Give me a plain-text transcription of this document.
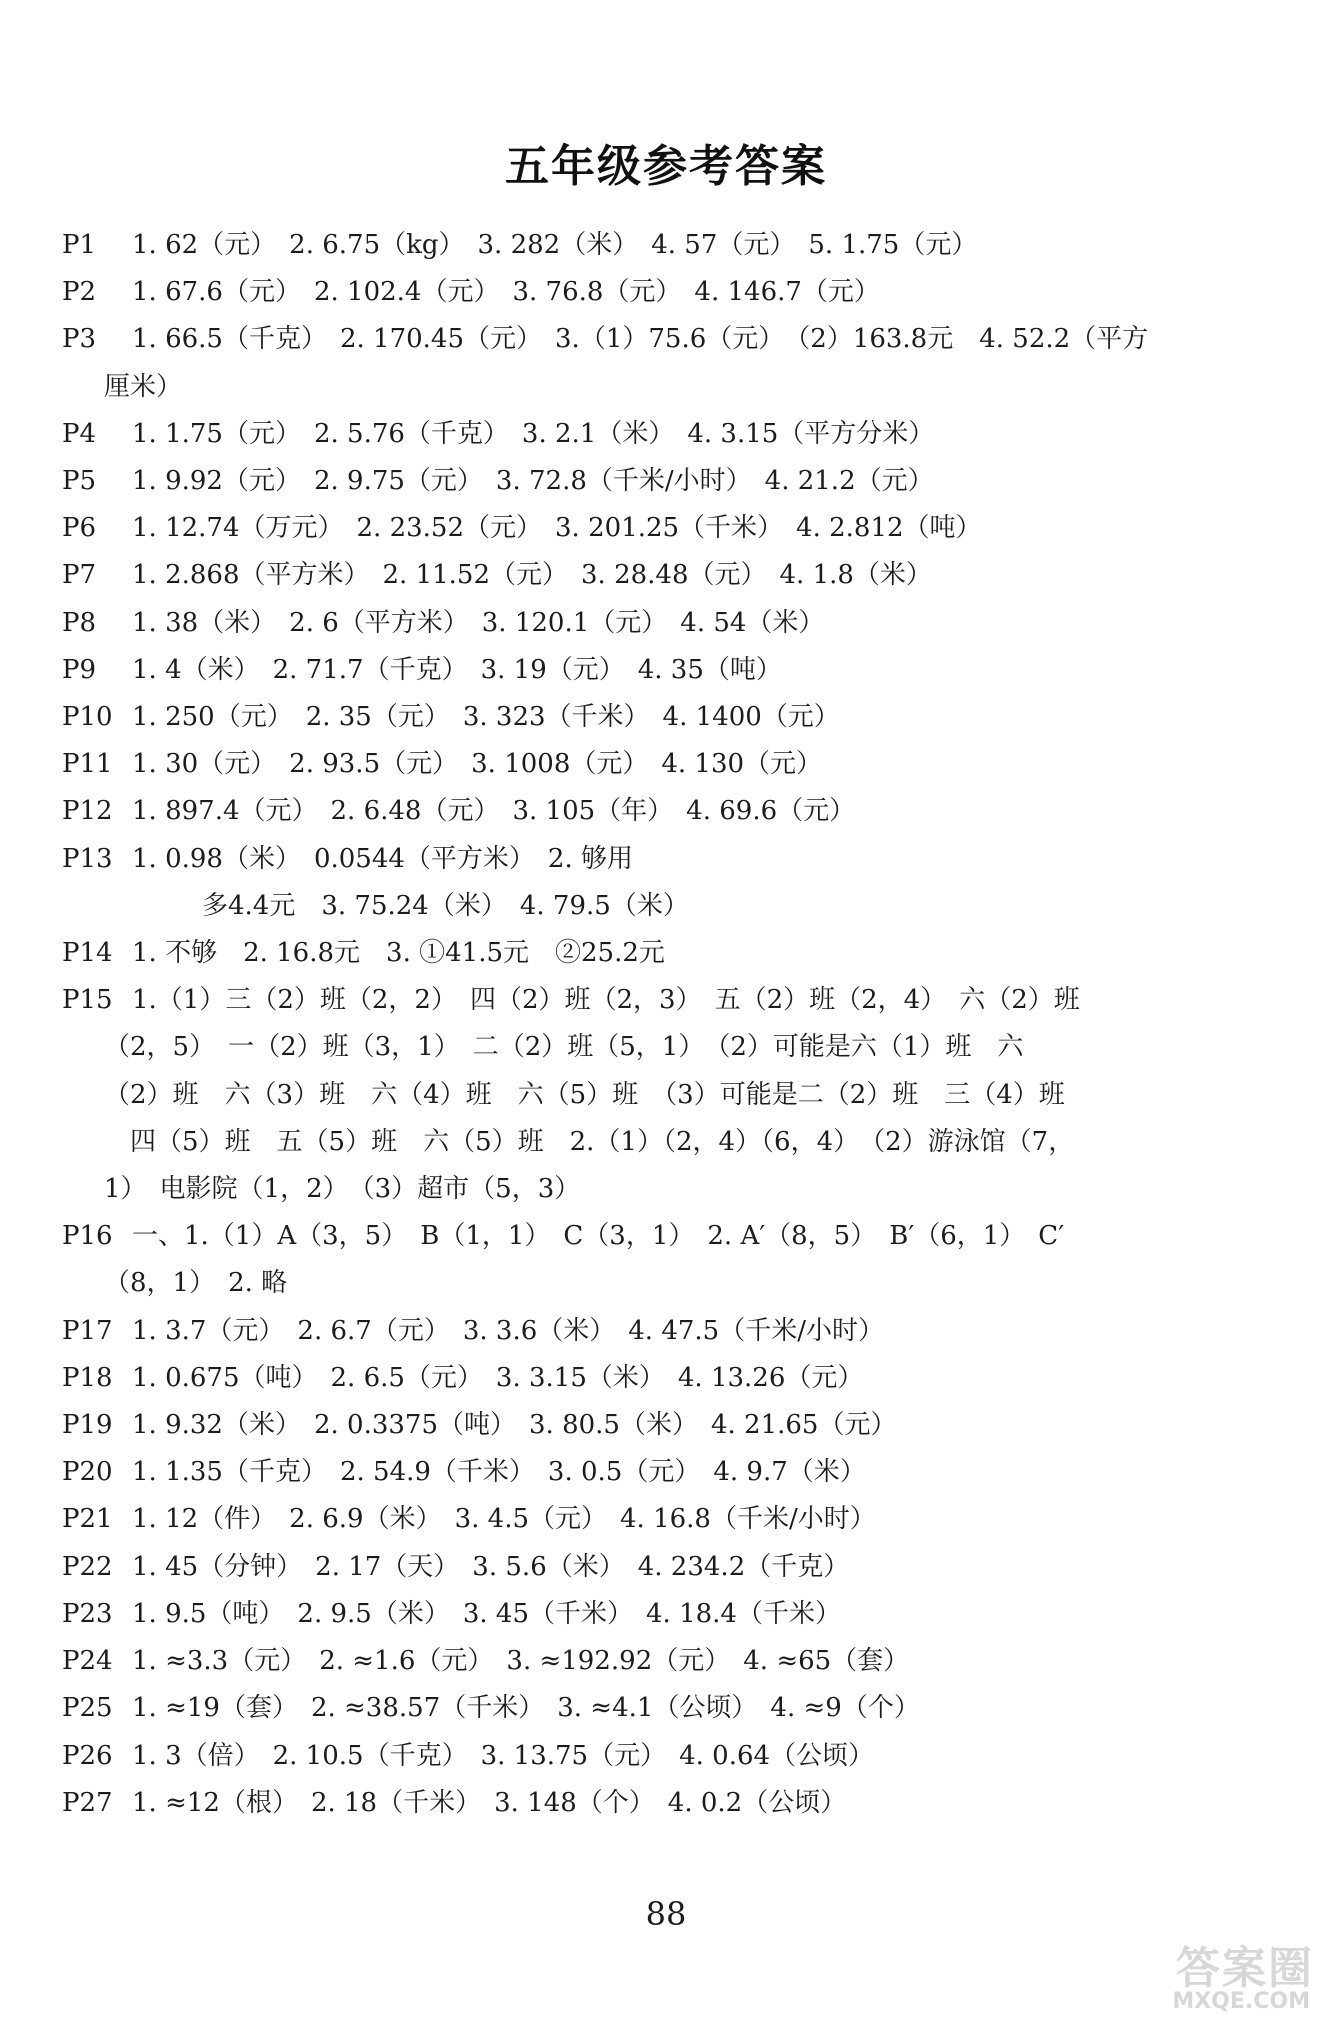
五年级参考答案
P1	1. 62（元）　2. 6.75（kg）　3. 282（米）　4. 57（元）　5. 1.75（元）
P2	1. 67.6（元）　2. 102.4（元）　3. 76.8（元）　4. 146.7（元）
P3	1. 66.5（千克）　2. 170.45（元）　3.（1）75.6（元）　（2）163.8元　4. 52.2（平方
厘米）
P4	1. 1.75（元）　2. 5.76（千克）　3. 2.1（米）　4. 3.15（平方分米）
P5	1. 9.92（元）　2. 9.75（元）　3. 72.8（千米/小时）　4. 21.2（元）
P6	1. 12.74（万元）　2. 23.52（元）　3. 201.25（千米）　4. 2.812（吨）
P7	1. 2.868（平方米）　2. 11.52（元）　3. 28.48（元）　4. 1.8（米）
P8	1. 38（米）　2. 6（平方米）　3. 120.1（元）　4. 54（米）
P9	1. 4（米）　2. 71.7（千克）　3. 19（元）　4. 35（吨）
P10 1. 250（元）　2. 35（元）　3. 323（千米）　4. 1400（元）
P11 1. 30（元）　2. 93.5（元）　3. 1008（元）　4. 130（元）
P12 1. 897.4（元）　2. 6.48（元）　3. 105（年）　4. 69.6（元）
P13 1. 0.98（米）　0.0544（平方米）　2. 够用
多4.4元　3. 75.24（米）　4. 79.5（米）
P14 1. 不够　2. 16.8元　3. ①41.5元　②25.2元
P15 1.（1）三（2）班（2，2）　四（2）班（2，3）　五（2）班（2，4）　六（2）班
（2，5）　一（2）班（3，1）　二（2）班（5，1）　（2）可能是六（1）班　六
（2）班　六（3）班　六（4）班　六（5）班　（3）可能是二（2）班　三（4）班
　四（5）班　五（5）班　六（5）班　2.（1）（2，4）（6，4）　（2）游泳馆（7，
1）　电影院（1，2）　（3）超市（5，3）
P16 一、1.（1）A（3，5）　B（1，1）　C（3，1）　2. A′（8，5）　B′（6，1）　C′
（8，1）　2. 略
P17 1. 3.7（元）　2. 6.7（元）　3. 3.6（米）　4. 47.5（千米/小时）
P18 1. 0.675（吨）　2. 6.5（元）　3. 3.15（米）　4. 13.26（元）
P19 1. 9.32（米）　2. 0.3375（吨）　3. 80.5（米）　4. 21.65（元）
P20 1. 1.35（千克）　2. 54.9（千米）　3. 0.5（元）　4. 9.7（米）
P21 1. 12（件）　2. 6.9（米）　3. 4.5（元）　4. 16.8（千米/小时）
P22 1. 45（分钟）　2. 17（天）　3. 5.6（米）　4. 234.2（千克）
P23 1. 9.5（吨）　2. 9.5（米）　3. 45（千米）　4. 18.4（千米）
P24 1. ≈3.3（元）　2. ≈1.6（元）　3. ≈192.92（元）　4. ≈65（套）
P25 1. ≈19（套）　2. ≈38.57（千米）　3. ≈4.1（公顷）　4. ≈9（个）
P26 1. 3（倍）　2. 10.5（千克）　3. 13.75（元）　4. 0.64（公顷）
P27 1. ≈12（根）　2. 18（千米）　3. 148（个）　4. 0.2（公顷）
88
答案圈
MXQE.COM
